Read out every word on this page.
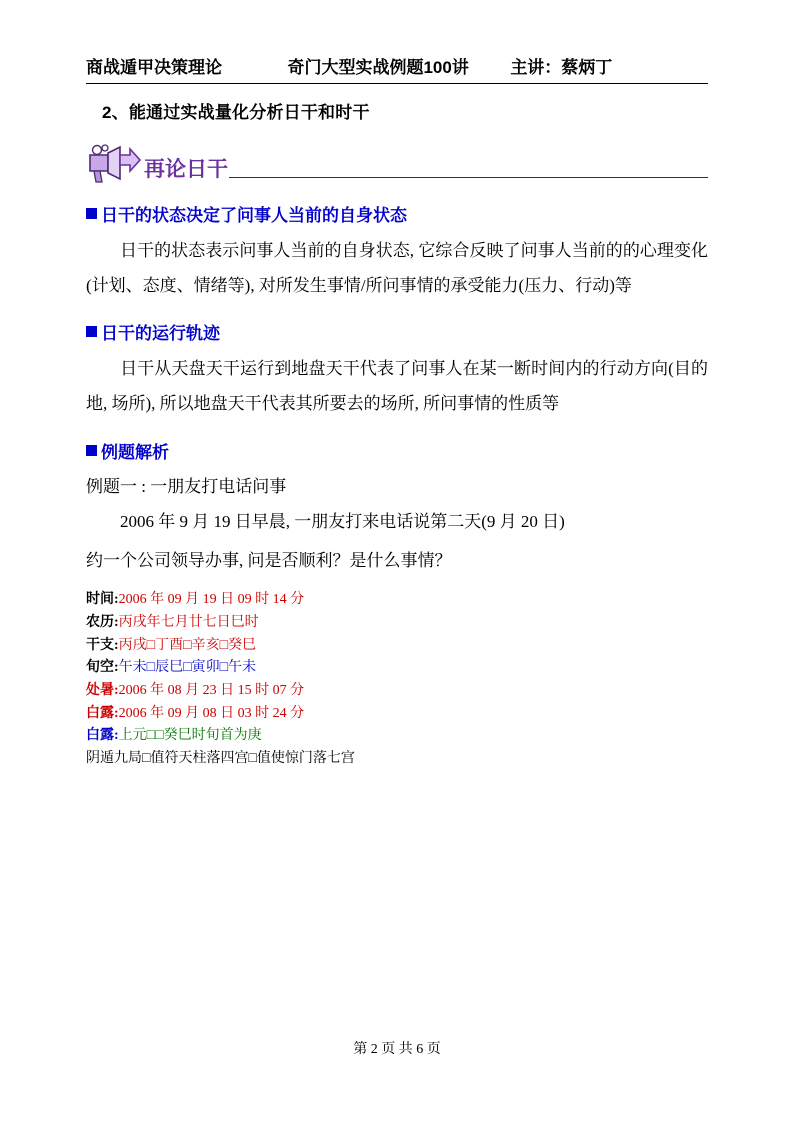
商战遁甲决策理论	奇门大型实战例题100讲 主讲：蔡炳丁
2、能通过实战量化分析日干和时干
再论日干
日干的状态决定了问事人当前的自身状态
日干的状态表示问事人当前的自身状态, 它综合反映了问事人当前的的心理变化(计划、态度、情绪等), 对所发生事情/所问事情的承受能力(压力、行动)等
日干的运行轨迹
日干从天盘天干运行到地盘天干代表了问事人在某一断时间内的行动方向(目的地, 场所), 所以地盘天干代表其所要去的场所, 所问事情的性质等
例题解析
例题一 : 一朋友打电话问事
2006 年 9 月 19 日早晨, 一朋友打来电话说第二天(9 月 20 日)
约一个公司领导办事, 问是否顺利？是什么事情？
时间:2006 年 09 月 19 日 09 时 14 分
农历:丙戌年七月廿七日巳时
干支:丙戌□丁酉□辛亥□癸巳
旬空:午未□辰巳□寅卯□午未
处暑:2006 年 08 月 23 日 15 时 07 分
白露:2006 年 09 月 08 日 03 时 24 分
白露:上元□□癸巳时旬首为庚
阴遁九局□值符天柱落四宫□值使惊门落七宫
第 2 页 共 6 页
